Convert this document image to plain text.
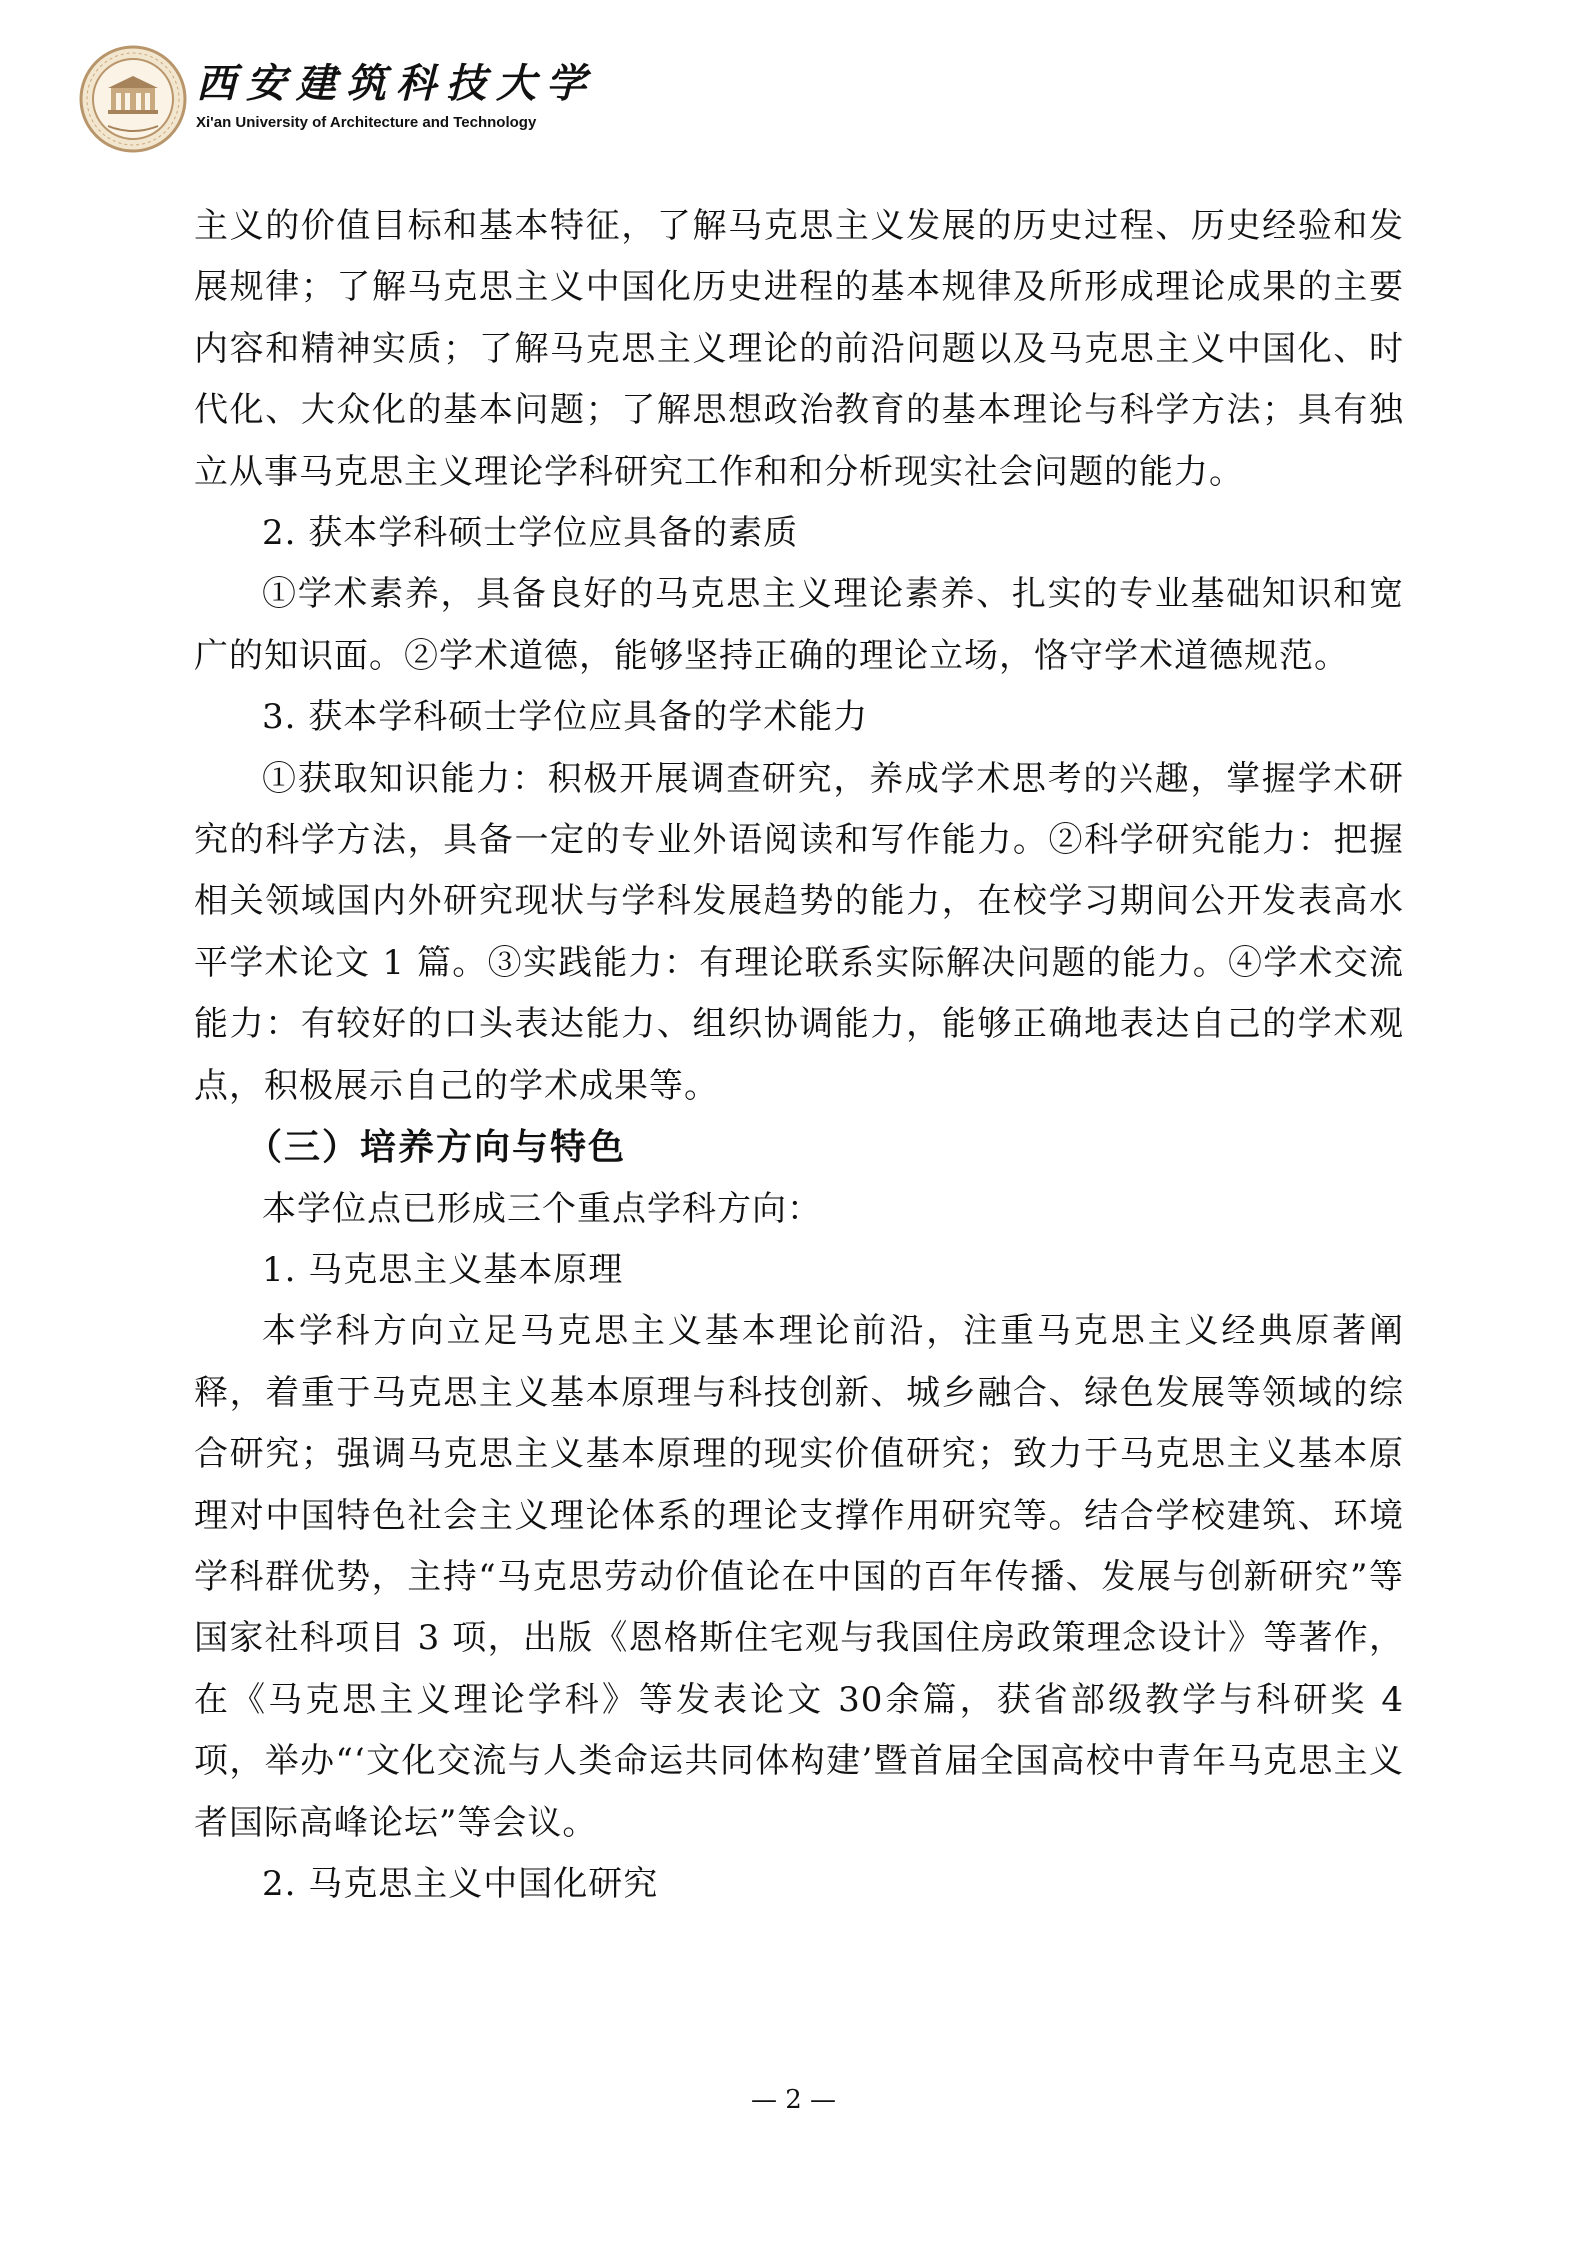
西安建筑科技大学
Xi'an University of Architecture and Technology

主义的价值目标和基本特征，了解马克思主义发展的历史过程、历史经验和发展规律；了解马克思主义中国化历史进程的基本规律及所形成理论成果的主要内容和精神实质；了解马克思主义理论的前沿问题以及马克思主义中国化、时代化、大众化的基本问题；了解思想政治教育的基本理论与科学方法；具有独立从事马克思主义理论学科研究工作和和分析现实社会问题的能力。

2. 获本学科硕士学位应具备的素质

①学术素养，具备良好的马克思主义理论素养、扎实的专业基础知识和宽广的知识面。②学术道德，能够坚持正确的理论立场，恪守学术道德规范。

3. 获本学科硕士学位应具备的学术能力

①获取知识能力：积极开展调查研究，养成学术思考的兴趣，掌握学术研究的科学方法，具备一定的专业外语阅读和写作能力。②科学研究能力：把握相关领域国内外研究现状与学科发展趋势的能力，在校学习期间公开发表高水平学术论文 1 篇。③实践能力：有理论联系实际解决问题的能力。④学术交流能力：有较好的口头表达能力、组织协调能力，能够正确地表达自己的学术观点，积极展示自己的学术成果等。

（三）培养方向与特色

本学位点已形成三个重点学科方向：

1. 马克思主义基本原理

本学科方向立足马克思主义基本理论前沿，注重马克思主义经典原著阐释，着重于马克思主义基本原理与科技创新、城乡融合、绿色发展等领域的综合研究；强调马克思主义基本原理的现实价值研究；致力于马克思主义基本原理对中国特色社会主义理论体系的理论支撑作用研究等。结合学校建筑、环境学科群优势，主持“马克思劳动价值论在中国的百年传播、发展与创新研究”等国家社科项目 3 项，出版《恩格斯住宅观与我国住房政策理念设计》等著作，在《马克思主义理论学科》等发表论文 30余篇，获省部级教学与科研奖 4 项，举办“‘文化交流与人类命运共同体构建’暨首届全国高校中青年马克思主义者国际高峰论坛”等会议。

2. 马克思主义中国化研究

— 2 —
